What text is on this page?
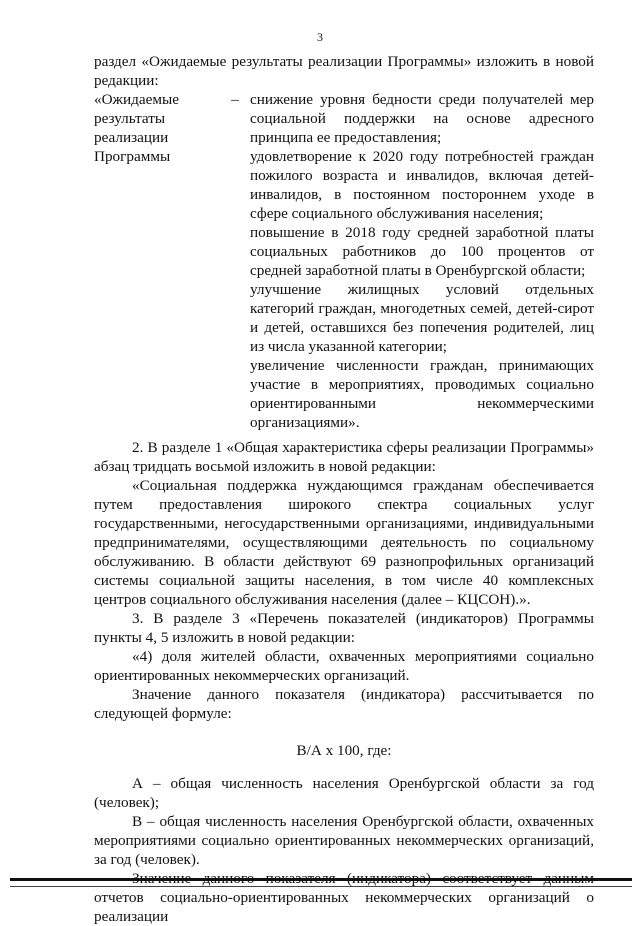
3

раздел «Ожидаемые результаты реализации Программы» изложить в новой редакции:

«Ожидаемые

результаты

реализации

Программы

– снижение уровня бедности среди получателей мер социальной поддержки на основе адресного принципа ее предоставления;

удовлетворение к 2020 году потребностей граждан пожилого возраста и инвалидов, включая детей-инвалидов, в постоянном постороннем уходе в сфере социального обслуживания населения;

повышение в 2018 году средней заработной платы социальных работников до 100 процентов от средней заработной платы в Оренбургской области;

улучшение жилищных условий отдельных категорий граждан, многодетных семей, детей-сирот и детей, оставшихся без попечения родителей, лиц из числа указанной категории;

увеличение численности граждан, принимающих участие в мероприятиях, проводимых социально ориентированными некоммерческими организациями».

2. В разделе 1 «Общая характеристика сферы реализации Программы» абзац тридцать восьмой изложить в новой редакции:

«Социальная поддержка нуждающимся гражданам обеспечивается путем предоставления широкого спектра социальных услуг государственными, негосударственными организациями, индивидуальными предпринимателями, осуществляющими деятельность по социальному обслуживанию. В области действуют 69 разнопрофильных организаций системы социальной защиты населения, в том числе 40 комплексных центров социального обслуживания населения (далее – КЦСОН).».

3. В разделе 3 «Перечень показателей (индикаторов) Программы пункты 4, 5 изложить в новой редакции:

«4) доля жителей области, охваченных мероприятиями социально ориентированных некоммерческих организаций.

Значение данного показателя (индикатора) рассчитывается по следующей формуле:

В/А х 100, где:

А – общая численность населения Оренбургской области за год (человек);

В – общая численность населения Оренбургской области, охваченных мероприятиями социально ориентированных некоммерческих организаций, за год (человек).

отчетов социально-ориентированных некоммерческих организаций о реализации
